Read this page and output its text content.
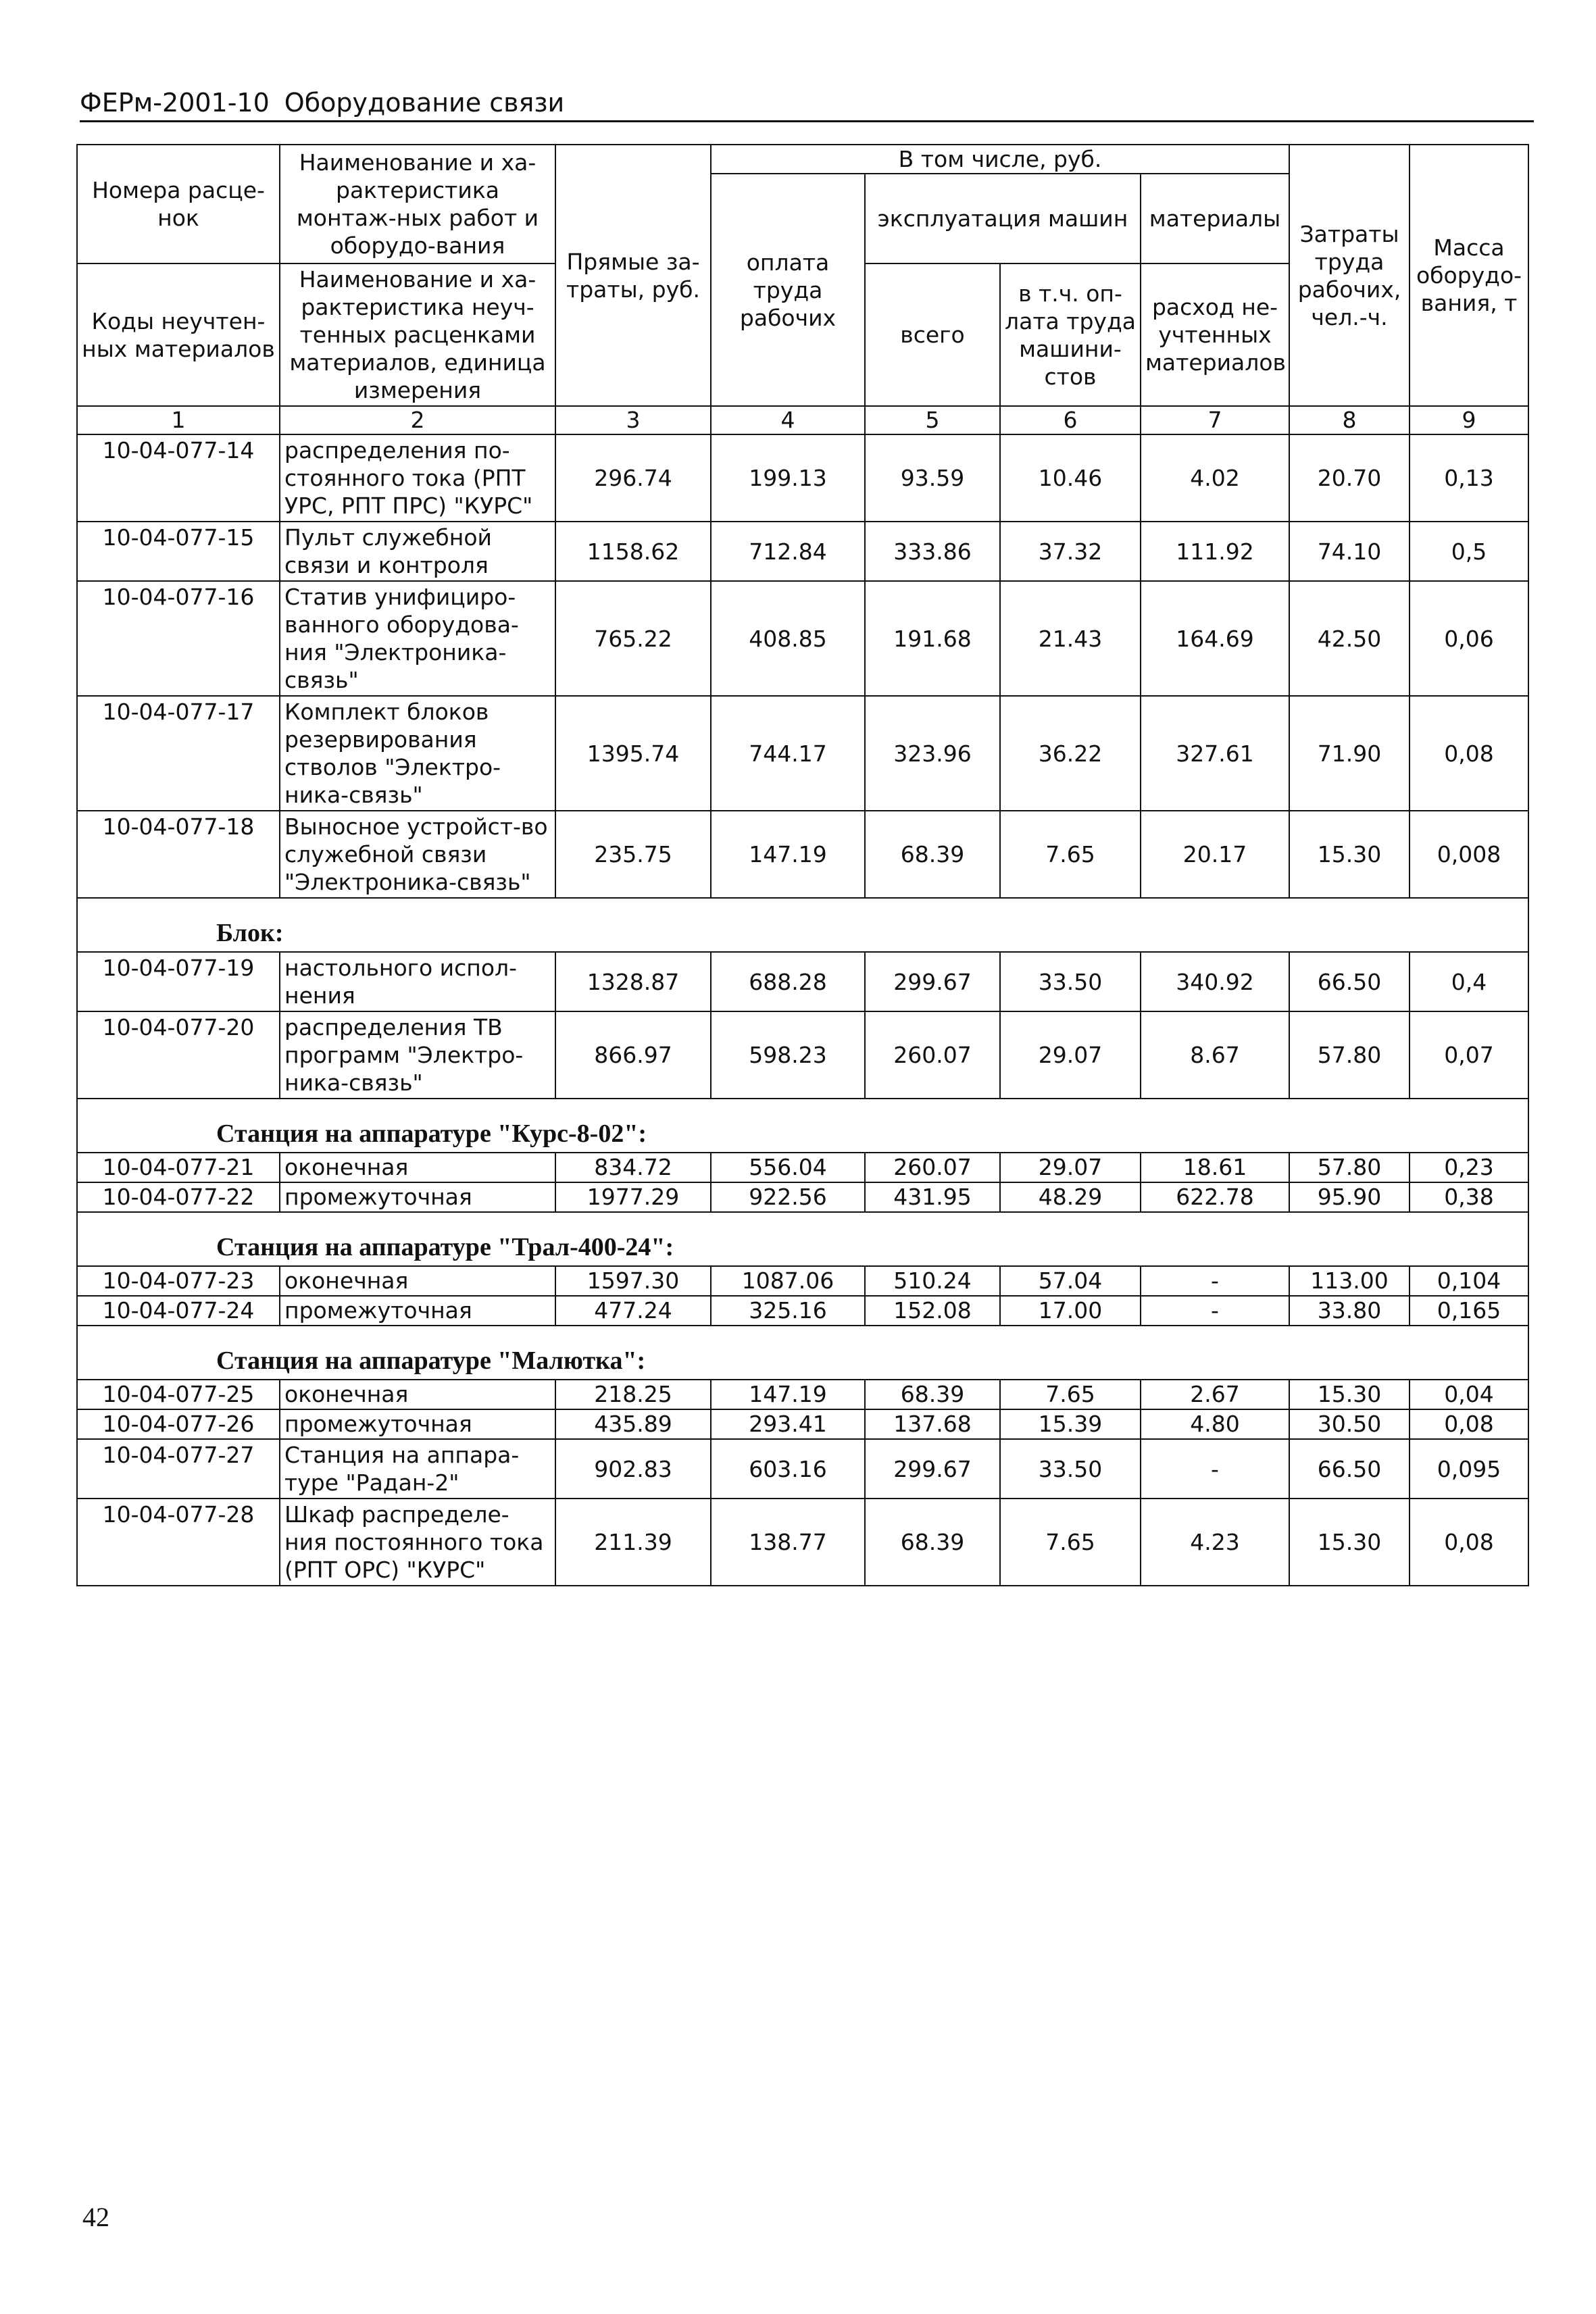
ФЕРм-2001-10 Оборудование связи
Номера расце-нок	Наименование и ха-рактеристика монтаж-ных работ и оборудо-вания	Прямые за-траты, руб.	В том числе, руб.				Затраты труда рабочих, чел.-ч.	Масса оборудо-вания, т
			оплата труда рабочих	эксплуатация машин		материалы		

Коды неучтен-ных материалов	Наименование и ха-рактеристика неуч-тенных расценками материалов, единица измерения			всего	в т.ч. оп-лата труда машини-стов	расход не-учтенных материалов		

1	2	3	4	5	6	7	8	9
10-04-077-14	распределения по-стоянного тока (РПТ УРС, РПТ ПРС) "КУРС"	296.74	199.13	93.59	10.46	4.02	20.70	0,13
10-04-077-15	Пульт служебной связи и контроля	1158.62	712.84	333.86	37.32	111.92	74.10	0,5
10-04-077-16	Статив унифициро-ванного оборудова-ния "Электроника-связь"	765.22	408.85	191.68	21.43	164.69	42.50	0,06
10-04-077-17	Комплект блоков резервирования стволов "Электро-ника-связь"	1395.74	744.17	323.96	36.22	327.61	71.90	0,08
10-04-077-18	Выносное устройст-во служебной связи "Электроника-связь"	235.75	147.19	68.39	7.65	20.17	15.30	0,008
Блок:								
10-04-077-19	настольного испол-нения	1328.87	688.28	299.67	33.50	340.92	66.50	0,4
10-04-077-20	распределения ТВ программ "Электро-ника-связь"	866.97	598.23	260.07	29.07	8.67	57.80	0,07
Станция на аппаратуре "Курс-8-02":								
10-04-077-21	оконечная	834.72	556.04	260.07	29.07	18.61	57.80	0,23
10-04-077-22	промежуточная	1977.29	922.56	431.95	48.29	622.78	95.90	0,38
Станция на аппаратуре "Трал-400-24":								
10-04-077-23	оконечная	1597.30	1087.06	510.24	57.04	-	113.00	0,104
10-04-077-24	промежуточная	477.24	325.16	152.08	17.00	-	33.80	0,165
Станция на аппаратуре "Малютка":								
10-04-077-25	оконечная	218.25	147.19	68.39	7.65	2.67	15.30	0,04
10-04-077-26	промежуточная	435.89	293.41	137.68	15.39	4.80	30.50	0,08
10-04-077-27	Станция на аппара-туре "Радан-2"	902.83	603.16	299.67	33.50	-	66.50	0,095
10-04-077-28	Шкаф распределе-ния постоянного тока (РПТ ОРС) "КУРС"	211.39	138.77	68.39	7.65	4.23	15.30	0,08
42
